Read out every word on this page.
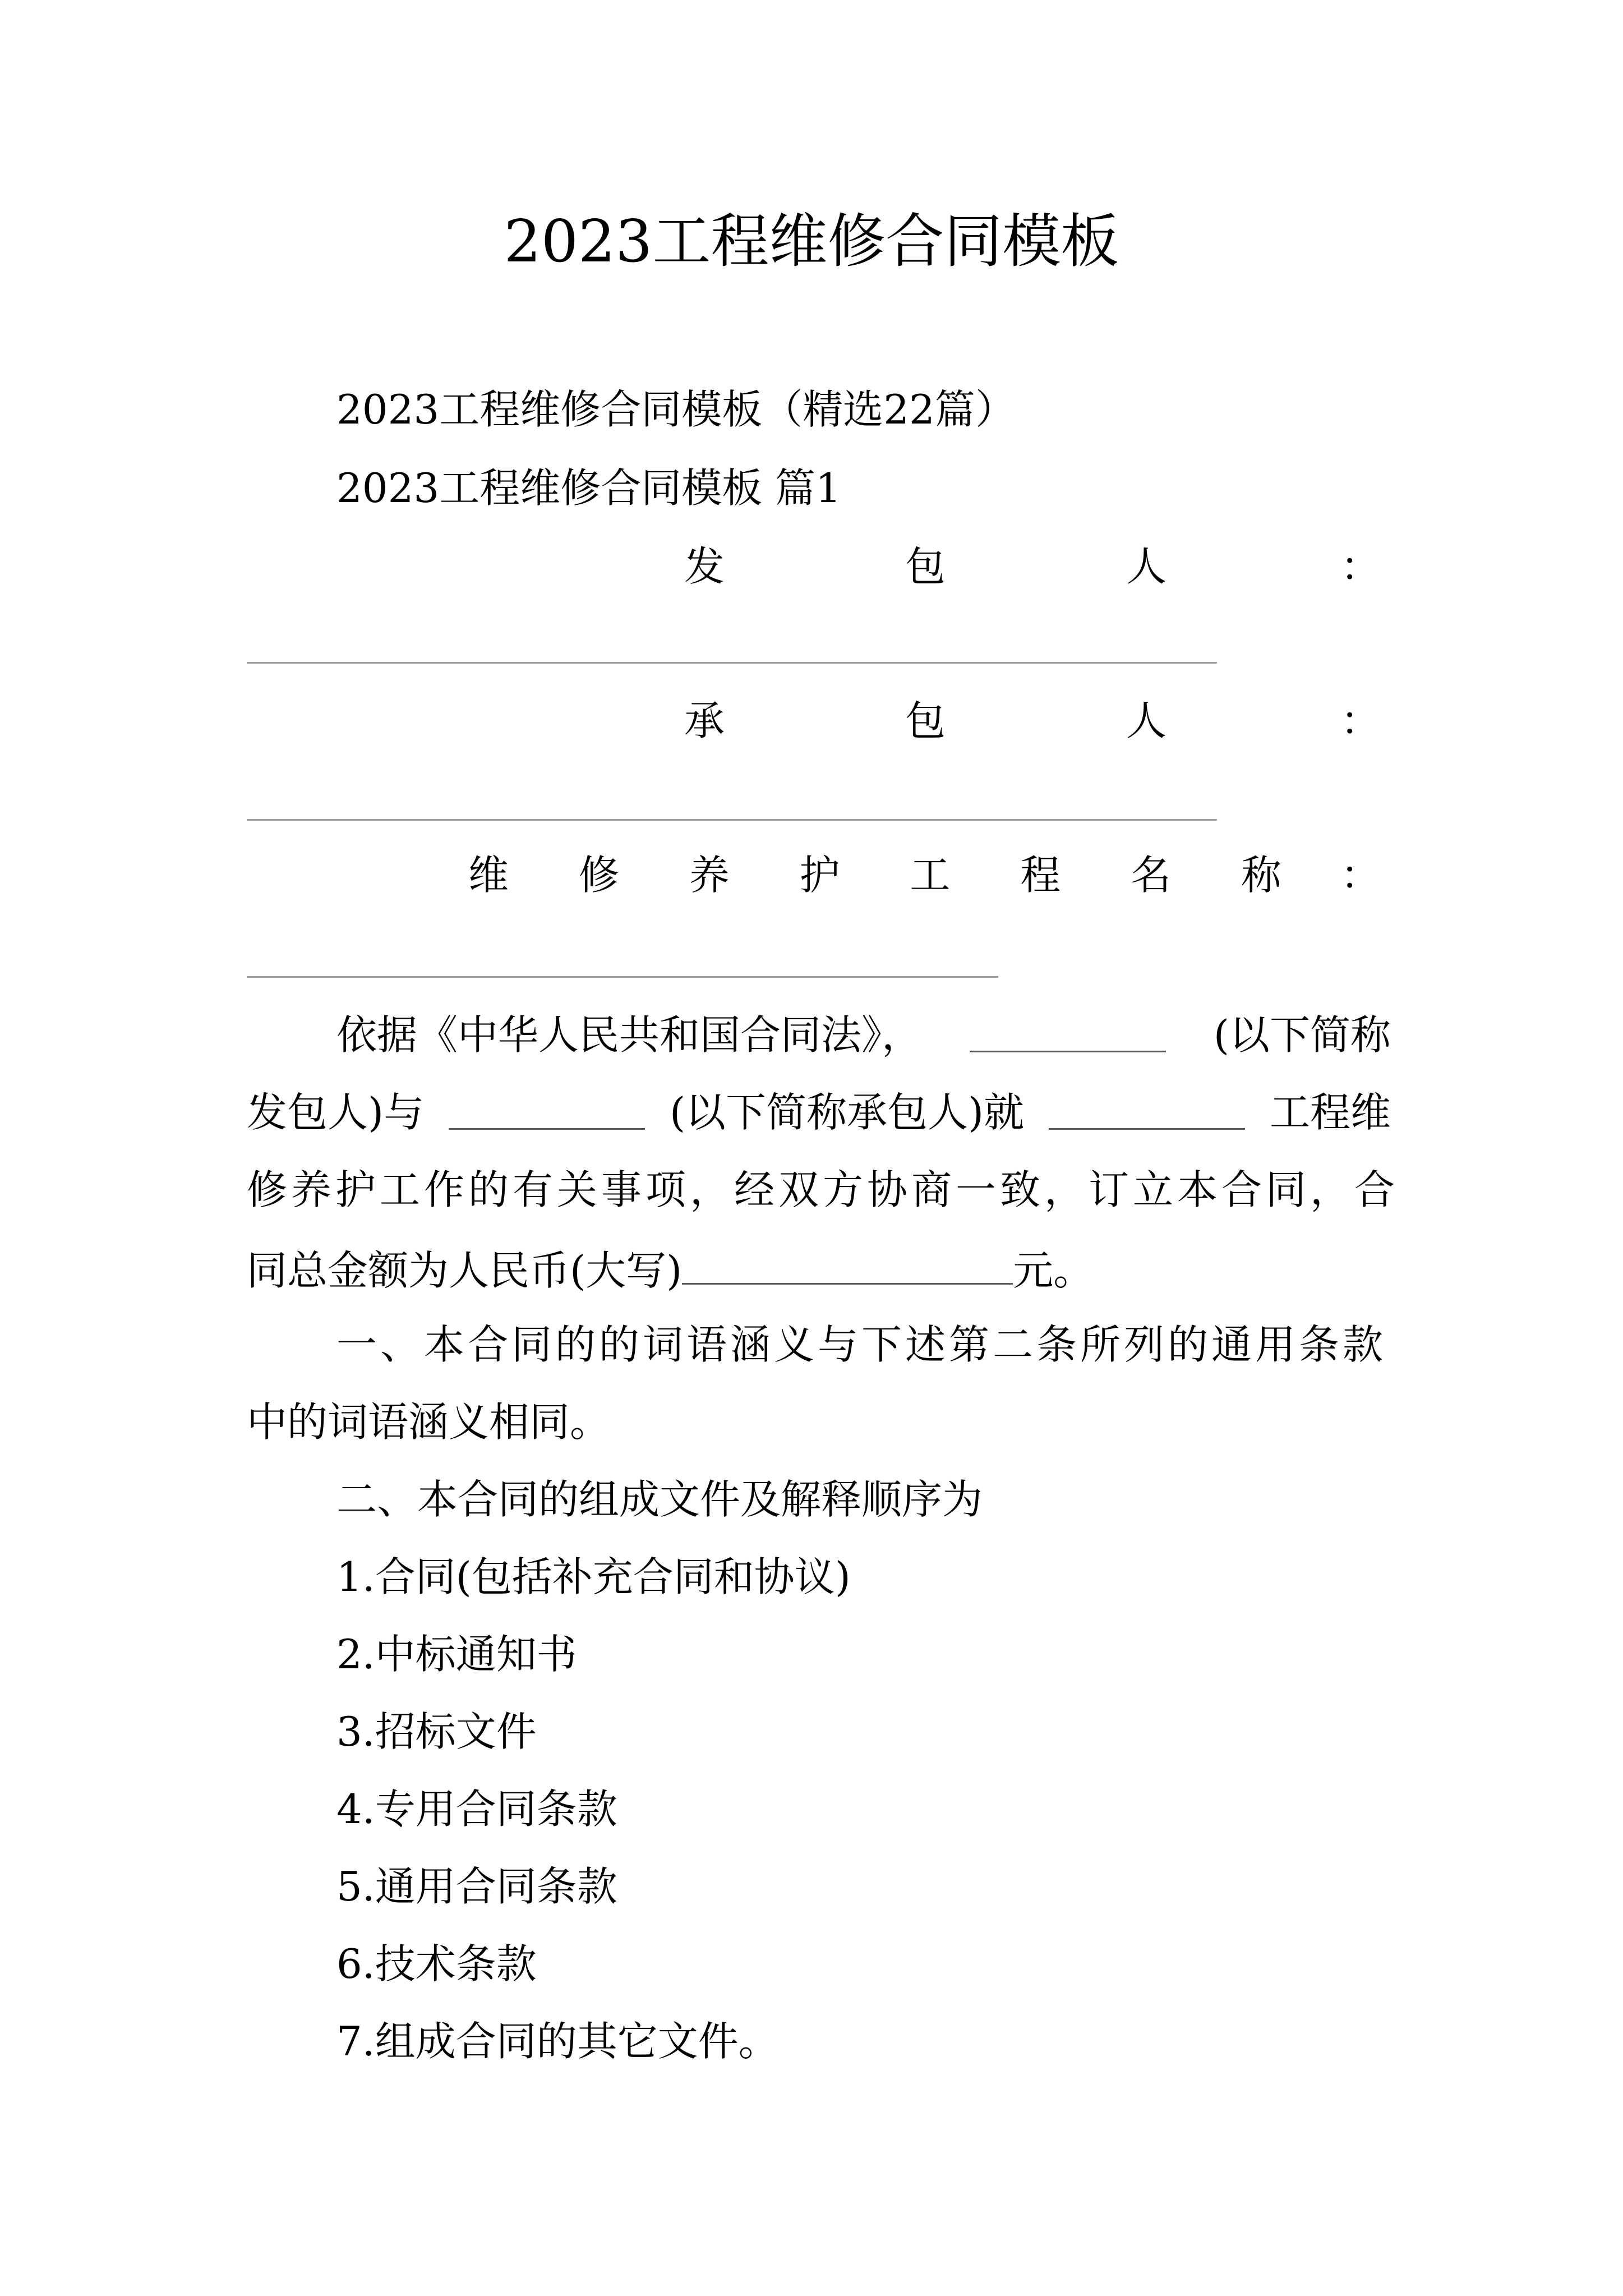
2023工程维修合同模板

2023工程维修合同模板（精选22篇）

2023工程维修合同模板 篇1

发	包	人	：
承	包	人	：
维 修 养 护 工 程 名 称 ：
依据《中华人民共和国合同法》，	(以下简称
发包人)与	(以下简称承包人)就	工程维
修养护工作的有关事项，经双方协商一致，订立本合同，合
同总金额为人民币(大写)	元。

一、本合同的的词语涵义与下述第二条所列的通用条款

中的词语涵义相同。

二、本合同的组成文件及解释顺序为

1.合同(包括补充合同和协议)

2.中标通知书

3.招标文件

4.专用合同条款

5.通用合同条款

6.技术条款

7.组成合同的其它文件。
